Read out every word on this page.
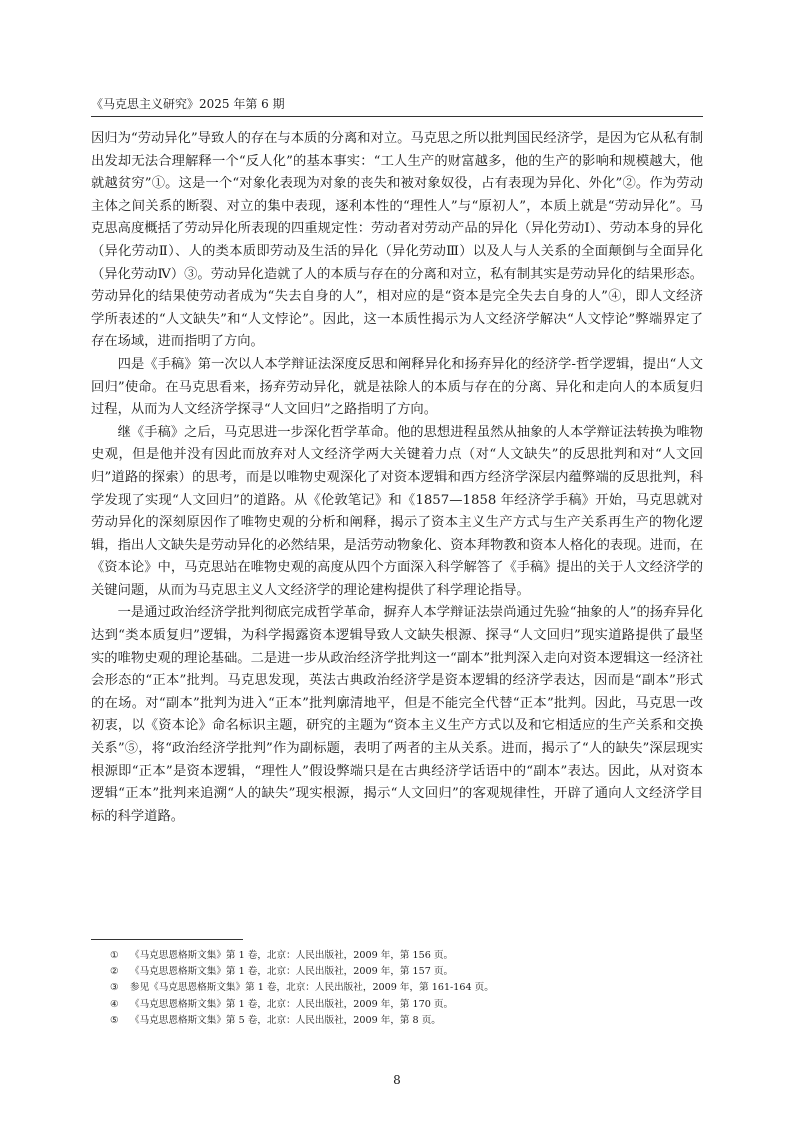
《马克思主义研究》2025 年第 6 期

因归为“劳动异化”导致人的存在与本质的分离和对立。马克思之所以批判国民经济学，是因为它从私有制出发却无法合理解释一个“反人化”的基本事实：“工人生产的财富越多，他的生产的影响和规模越大，他就越贫穷”①。这是一个“对象化表现为对象的丧失和被对象奴役，占有表现为异化、外化”②。作为劳动主体之间关系的断裂、对立的集中表现，逐利本性的“理性人”与“原初人”，本质上就是“劳动异化”。马克思高度概括了劳动异化所表现的四重规定性：劳动者对劳动产品的异化（异化劳动Ⅰ）、劳动本身的异化（异化劳动Ⅱ）、人的类本质即劳动及生活的异化（异化劳动Ⅲ）以及人与人关系的全面颠倒与全面异化（异化劳动Ⅳ）③。劳动异化造就了人的本质与存在的分离和对立，私有制其实是劳动异化的结果形态。劳动异化的结果使劳动者成为“失去自身的人”，相对应的是“资本是完全失去自身的人”④，即人文经济学所表述的“人文缺失”和“人文悖论”。因此，这一本质性揭示为人文经济学解决“人文悖论”弊端界定了存在场域，进而指明了方向。

四是《手稿》第一次以人本学辩证法深度反思和阐释异化和扬弃异化的经济学-哲学逻辑，提出“人文回归”使命。在马克思看来，扬弃劳动异化，就是祛除人的本质与存在的分离、异化和走向人的本质复归过程，从而为人文经济学探寻“人文回归”之路指明了方向。

继《手稿》之后，马克思进一步深化哲学革命。他的思想进程虽然从抽象的人本学辩证法转换为唯物史观，但是他并没有因此而放弃对人文经济学两大关键着力点（对“人文缺失”的反思批判和对“人文回归”道路的探索）的思考，而是以唯物史观深化了对资本逻辑和西方经济学深层内蕴弊端的反思批判，科学发现了实现“人文回归”的道路。从《伦敦笔记》和《1857—1858 年经济学手稿》开始，马克思就对劳动异化的深刻原因作了唯物史观的分析和阐释，揭示了资本主义生产方式与生产关系再生产的物化逻辑，指出人文缺失是劳动异化的必然结果，是活劳动物象化、资本拜物教和资本人格化的表现。进而，在《资本论》中，马克思站在唯物史观的高度从四个方面深入科学解答了《手稿》提出的关于人文经济学的关键问题，从而为马克思主义人文经济学的理论建构提供了科学理论指导。

一是通过政治经济学批判彻底完成哲学革命，摒弃人本学辩证法崇尚通过先验“抽象的人”的扬弃异化达到“类本质复归”逻辑，为科学揭露资本逻辑导致人文缺失根源、探寻“人文回归”现实道路提供了最坚实的唯物史观的理论基础。二是进一步从政治经济学批判这一“副本”批判深入走向对资本逻辑这一经济社会形态的“正本”批判。马克思发现，英法古典政治经济学是资本逻辑的经济学表达，因而是“副本”形式的在场。对“副本”批判为进入“正本”批判廓清地平，但是不能完全代替“正本”批判。因此，马克思一改初衷，以《资本论》命名标识主题，研究的主题为“资本主义生产方式以及和它相适应的生产关系和交换关系”⑤，将“政治经济学批判”作为副标题，表明了两者的主从关系。进而，揭示了“人的缺失”深层现实根源即“正本”是资本逻辑，“理性人”假设弊端只是在古典经济学话语中的“副本”表达。因此，从对资本逻辑“正本”批判来追溯“人的缺失”现实根源，揭示“人文回归”的客观规律性，开辟了通向人文经济学目标的科学道路。

① 《马克思恩格斯文集》第 1 卷，北京：人民出版社，2009 年，第 156 页。

② 《马克思恩格斯文集》第 1 卷，北京：人民出版社，2009 年，第 157 页。

③ 参见《马克思恩格斯文集》第 1 卷，北京：人民出版社，2009 年，第 161-164 页。

④ 《马克思恩格斯文集》第 1 卷，北京：人民出版社，2009 年，第 170 页。

⑤ 《马克思恩格斯文集》第 5 卷，北京：人民出版社，2009 年，第 8 页。

8
